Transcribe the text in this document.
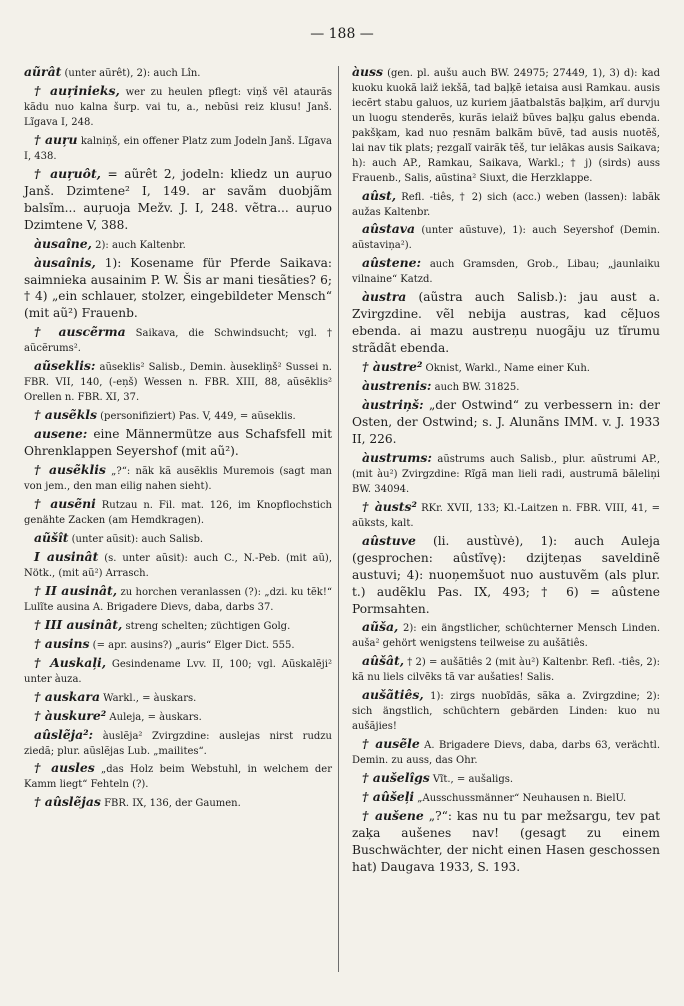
— 188 —

aũrât (unter aũrêt), 2): auch Lîn.

† auŗinieks, wer zu heulen pflegt: viņš vẽl ataurãs kãdu nuo kalna šurp. vai tu, a., nebũsi reiz klusu! Janš. Lĩgava I, 248.

† auŗu kalniņš, ein offener Platz zum Jodeln Janš. Lĩgava I, 438.

† auŗuôt, = aũrêt 2, jodeln: kliedz un auŗuo Janš. Dzimtene² I, 149. ar savãm duobjãm balsĩm... auŗuoja Mežv. J. I, 248. vẽtra... auŗuo Dzimtene V, 388.

àusaîne, 2): auch Kaltenbr.

àusaînis, 1): Kosename für Pferde Saikava: saimnieka ausainim P. W. Šis ar mani tiesãties? 6; † 4) „ein schlauer, stolzer, eingebildeter Mensch“ (mit aũ²) Frauenb.

† auscẽrma Saikava, die Schwindsucht; vgl. † aũcẽrums².

aũseklis: aũseklis² Salisb., Demin. àusekliņš² Sussei n. FBR. VII, 140, (-eņš) Wessen n. FBR. XIII, 88, aũsẽklis² Orellen n. FBR. XI, 37.

† ausẽkls (personifiziert) Pas. V, 449, = aũseklis.

ausene: eine Männermütze aus Schafsfell mit Ohrenklappen Seyershof (mit aũ²).

† ausẽklis „?“: nãk kã ausẽklis Muremois (sagt man von jem., den man eilig nahen sieht).

† ausẽni Rutzau n. Fil. mat. 126, im Knopflochstich genähte Zacken (am Hemdkragen).

aũšît (unter aũsit): auch Salisb.

I ausinât (s. unter aũsit): auch C., N.-Peb. (mit aũ), Nötk., (mit aũ²) Arrasch.

† II ausinât, zu horchen veranlassen (?): „dzi. ku tẽk!“ Lulĩte ausina A. Brigadere Dievs, daba, darbs 37.

† III ausinât, streng schelten; züchtigen Golg.

† ausins (= apr. ausins?) „auris“ Elger Dict. 555.

† Auskaļi, Gesindename Lvv. II, 100; vgl. Aũskalẽji² unter àuza.

† auskara Warkl., = àuskars.

† àuskure² Auleja, = àuskars.

aûslẽja²: àuslẽja² Zvirgzdine: auslejas nirst rudzu ziedã; plur. aũslẽjas Lub. „mailites“.

† ausles „das Holz beim Webstuhl, in welchem der Kamm liegt“ Fehteln (?).

† aûslẽjas FBR. IX, 136, der Gaumen.

àuss (gen. pl. aušu auch BW. 24975; 27449, 1), 3) d): kad kuoku kuokã laiž iekšã, tad baļķẽ ietaisa ausi Ramkau. ausis iecẽrt stabu galuos, uz kuriem jãatbalstãs baļķim, arĩ durvju un luogu stenderẽs, kurãs ielaiž bũves baļķu galus ebenda. pakšķam, kad nuo ŗesnãm balkãm bũvẽ, tad ausis nuotẽš, lai nav tik plats; ŗezgalĩ vairãk tẽš, tur ielãkas ausis Saikava; h): auch AP., Ramkau, Saikava, Warkl.; † j) (sirds) auss Frauenb., Salis, aũstina² Siuxt, die Herzklappe.

aûst, Refl. -tiês, † 2) sich (acc.) weben (lassen): labãk aužas Kaltenbr.

aûstava (unter aũstuve), 1): auch Seyershof (Demin. aũstaviņa²).

aûstene: auch Gramsden, Grob., Libau; „jaunlaiku vilnaine“ Katzd.

àustra (aũstra auch Salisb.): jau aust a. Zvirgzdine. vẽl nebija austras, kad cẽļuos ebenda. ai mazu austreņu nuogãju uz tĩrumu strãdãt ebenda.

† àustre² Oknist, Warkl., Name einer Kuh.

àustrenis: auch BW. 31825.

àustriņš: „der Ostwind“ zu verbessern in: der Osten, der Ostwind; s. J. Alunãns IMM. v. J. 1933 II, 226.

àustrums: aũstrums auch Salisb., plur. aũstrumi AP., (mit àu²) Zvirgzdine: Rĩgã man lieli radi, austrumã bãleliņi BW. 34094.

† àusts² RKr. XVII, 133; Kl.-Laitzen n. FBR. VIII, 41, = aũksts, kalt.

aûstuve (li. austùvė), 1): auch Auleja (gesprochen: aûstĩvę): dzijteņas saveldinẽ austuvi; 4): nuoņemšuot nuo austuvẽm (als plur. t.) audẽklu Pas. IX, 493; † 6) = aûstene Pormsahten.

aũša, 2): ein ängstlicher, schüchterner Mensch Linden. auša² gehört wenigstens teilweise zu aušãtiês.

aûšât, † 2) = aušãtiês 2 (mit àu²) Kaltenbr. Refl. -tiês, 2): kã nu liels cilvẽks tã var aušaties! Salis.

aušãtiês, 1): zirgs nuobĩdãs, sãka a. Zvirgzdine; 2): sich ängstlich, schüchtern gebärden Linden: kuo nu aušãjies!

† ausẽle A. Brigadere Dievs, daba, darbs 63, verächtl. Demin. zu auss, das Ohr.

† aušelîgs Vĩt., = aušaligs.

† aûšeļi „Ausschussmänner“ Neuhausen n. BielU.

† aušene „?“: kas nu tu par mežsargu, tev pat zaķa aušenes nav! (gesagt zu einem Buschwächter, der nicht einen Hasen geschossen hat) Daugava 1933, S. 193.
